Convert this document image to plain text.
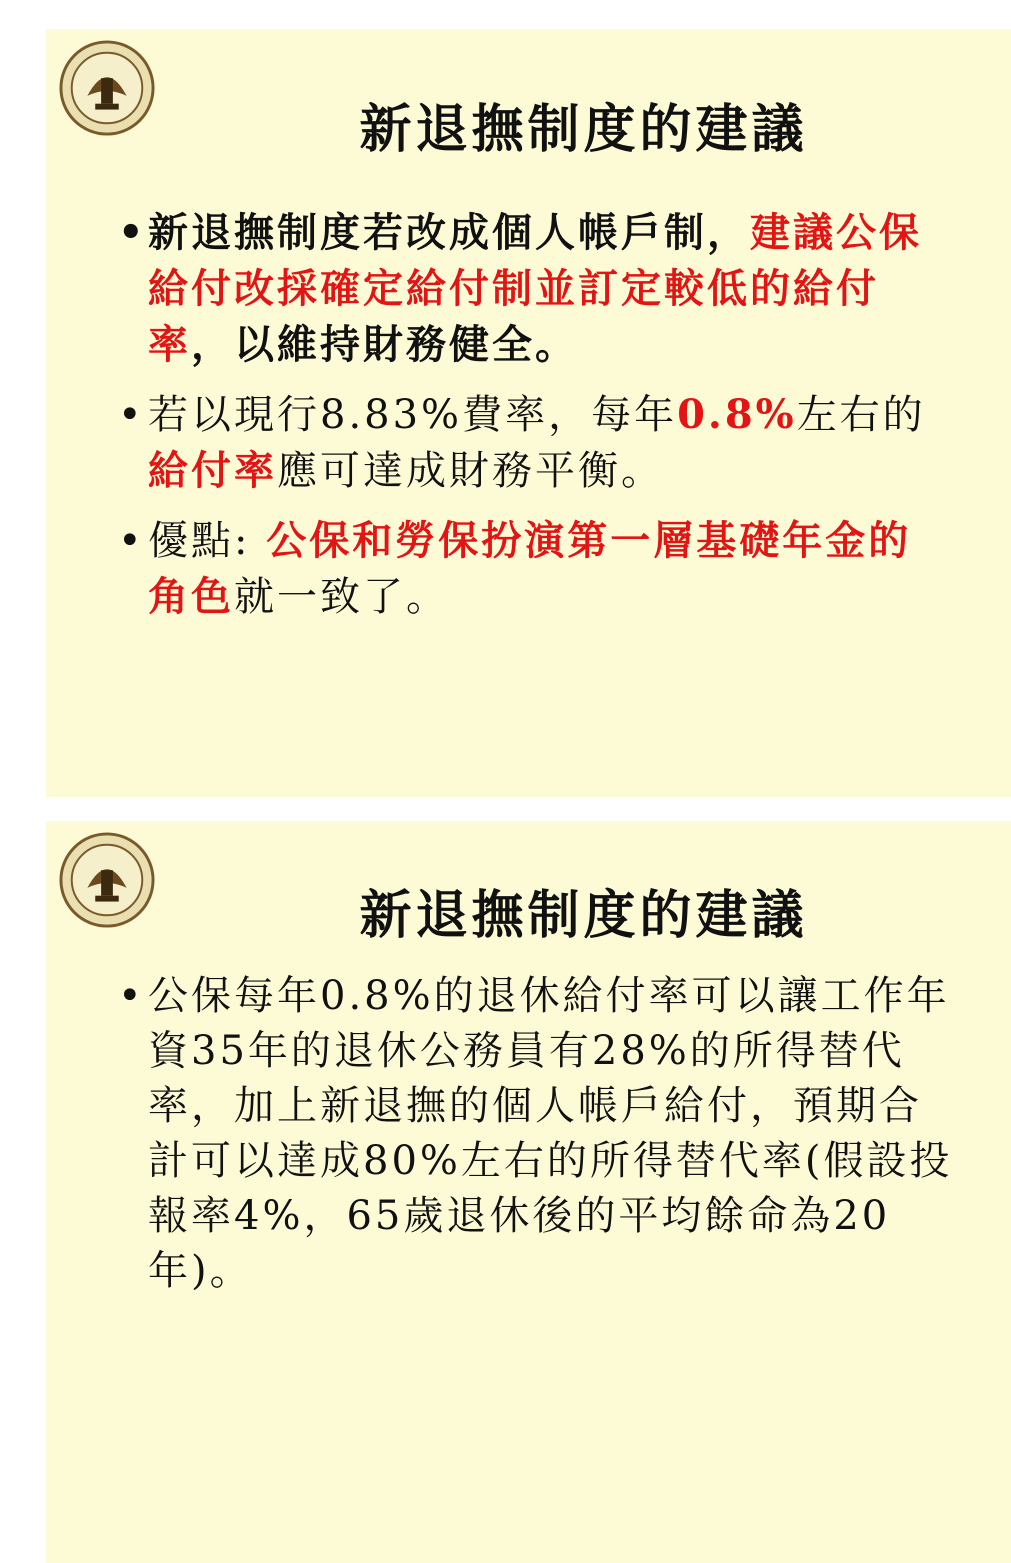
新退撫制度的建議
• 新退撫制度若改成個人帳戶制，建議公保給付改採確定給付制並訂定較低的給付率，以維持財務健全。
• 若以現行8.83%費率，每年0.8%左右的給付率應可達成財務平衡。
• 優點: 公保和勞保扮演第一層基礎年金的角色就一致了。
新退撫制度的建議
• 公保每年0.8%的退休給付率可以讓工作年資35年的退休公務員有28%的所得替代率，加上新退撫的個人帳戶給付，預期合計可以達成80%左右的所得替代率(假設投報率4%，65歲退休後的平均餘命為20年)。
